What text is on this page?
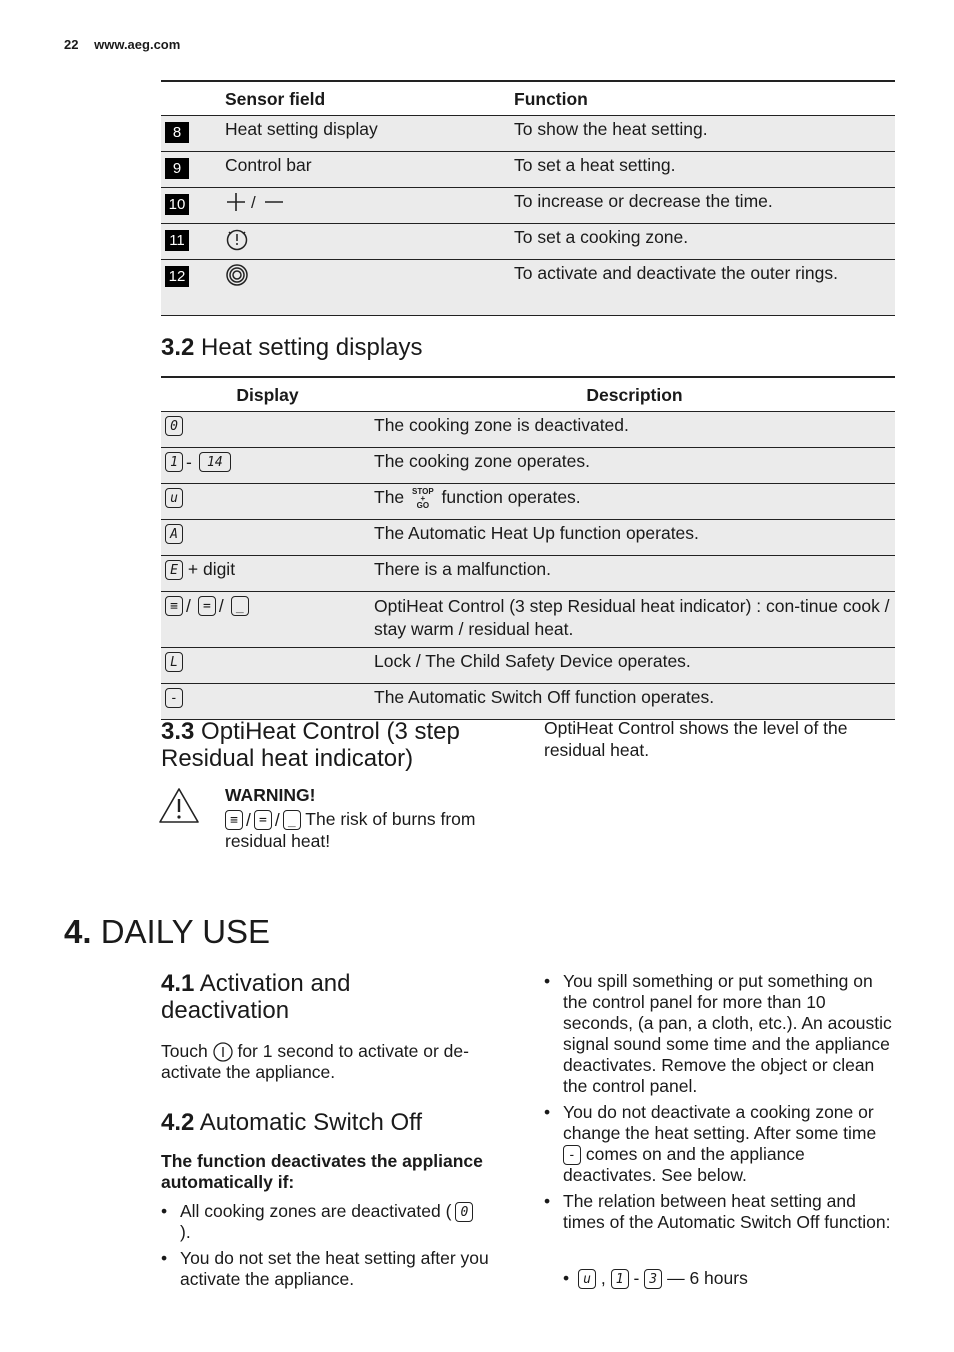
22 www.aeg.com
	Sensor field	Function
8	Heat setting display	To show the heat setting.
9	Control bar	To set a heat setting.
10	/	To increase or decrease the time.
11		To set a cooking zone.
12		To activate and deactivate the outer rings.
3.2 Heat setting displays
Display	Description
0	The cooking zone is deactivated.
1 - 14	The cooking zone operates.
u	The STOP
+
GO function operates.
A	The Automatic Heat Up function operates.
E + digit	There is a malfunction.
≡ / = / _	OptiHeat Control (3 step Residual heat indicator) : con-tinue cook / stay warm / residual heat.
L	Lock / The Child Safety Device operates.
-	The Automatic Switch Off function operates.
3.3 OptiHeat Control (3 step Residual heat indicator)
OptiHeat Control shows the level of the residual heat.
WARNING!
≡ / = / _ The risk of burns from residual heat!
4. DAILY USE
4.1 Activation and deactivation
Touch for 1 second to activate or de-activate the appliance.
4.2 Automatic Switch Off
The function deactivates the appliance automatically if:
• All cooking zones are deactivated ( 0
).
• You do not set the heat setting after you activate the appliance.
• You spill something or put something on the control panel for more than 10 seconds, (a pan, a cloth, etc.). An acoustic signal sound some time and the appliance deactivates. Remove the object or clean the control panel.
• You do not deactivate a cooking zone or change the heat setting. After some time - comes on and the appliance deactivates. See below.
• The relation between heat setting and times of the Automatic Switch Off function:
• u , 1 - 3 — 6 hours
